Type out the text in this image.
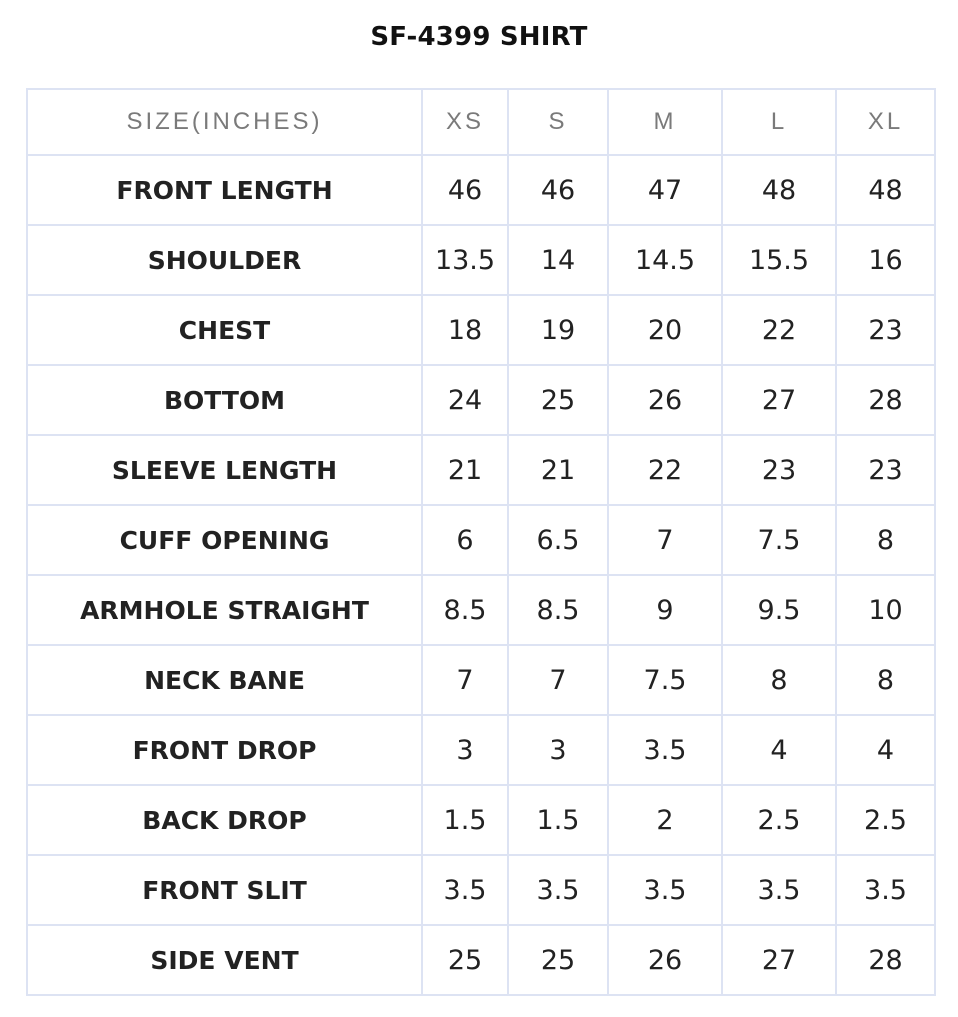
SF-4399 SHIRT
SIZE(INCHES)	XS	S	M	L	XL
FRONT LENGTH	46	46	47	48	48
SHOULDER	13.5	14	14.5	15.5	16
CHEST	18	19	20	22	23
BOTTOM	24	25	26	27	28
SLEEVE LENGTH	21	21	22	23	23
CUFF OPENING	6	6.5	7	7.5	8
ARMHOLE STRAIGHT	8.5	8.5	9	9.5	10
NECK BANE	7	7	7.5	8	8
FRONT DROP	3	3	3.5	4	4
BACK DROP	1.5	1.5	2	2.5	2.5
FRONT SLIT	3.5	3.5	3.5	3.5	3.5
SIDE VENT	25	25	26	27	28
